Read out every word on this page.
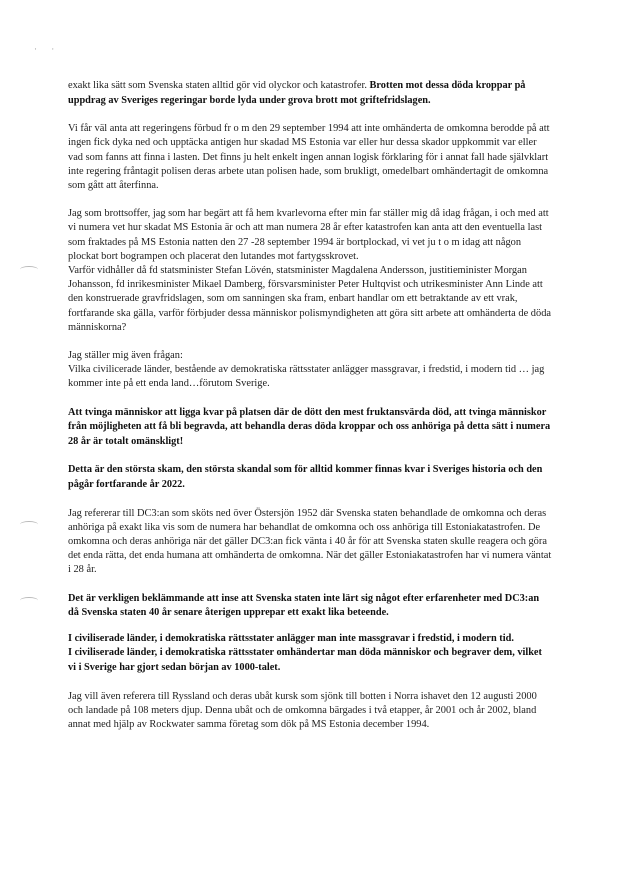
· ·

exakt lika sätt som Svenska staten alltid gör vid olyckor och katastrofer. Brotten mot dessa döda kroppar på uppdrag av Sveriges regeringar borde lyda under grova brott mot griftefridslagen.

Vi får väl anta att regeringens förbud fr o m den 29 september 1994 att inte omhänderta de omkomna berodde på att ingen fick dyka ned och upptäcka antigen hur skadad MS Estonia var eller hur dessa skador uppkommit var eller vad som fanns att finna i lasten. Det finns ju helt enkelt ingen annan logisk förklaring för i annat fall hade självklart inte regering fråntagit polisen deras arbete utan polisen hade, som brukligt, omedelbart omhändertagit de omkomna som gått att återfinna.

Jag som brottsoffer, jag som har begärt att få hem kvarlevorna efter min far ställer mig då idag frågan, i och med att vi numera vet hur skadat MS Estonia är och att man numera 28 år efter katastrofen kan anta att den eventuella last som fraktades på MS Estonia natten den 27 -28 september 1994 är bortplockad, vi vet ju t o m idag att någon plockat bort bogrampen och placerat den lutandes mot fartygsskrovet.

Varför vidhåller då fd statsminister Stefan Lövén, statsminister Magdalena Andersson, justitieminister Morgan Johansson, fd inrikesminister Mikael Damberg, försvarsminister Peter Hultqvist och utrikesminister Ann Linde att den konstruerade gravfridslagen, som om sanningen ska fram, enbart handlar om ett betraktande av ett vrak, fortfarande ska gälla, varför förbjuder dessa människor polismyndigheten att göra sitt arbete att omhänderta de döda människorna?

Jag ställer mig även frågan:

Vilka civilicerade länder, bestående av demokratiska rättsstater anlägger massgravar, i fredstid, i modern tid … jag kommer inte på ett enda land…förutom Sverige.

Att tvinga människor att ligga kvar på platsen där de dött den mest fruktansvärda död, att tvinga människor från möjligheten att få bli begravda, att behandla deras döda kroppar och oss anhöriga på detta sätt i numera 28 år är totalt omänskligt!

Detta är den största skam, den största skandal som för alltid kommer finnas kvar i Sveriges historia och den pågår fortfarande år 2022.

Jag refererar till DC3:an som sköts ned över Östersjön 1952 där Svenska staten behandlade de omkomna och deras anhöriga på exakt lika vis som de numera har behandlat de omkomna och oss anhöriga till Estoniakatastrofen. De omkomna och deras anhöriga när det gäller DC3:an fick vänta i 40 år för att Svenska staten skulle reagera och göra det enda rätta, det enda humana att omhänderta de omkomna. När det gäller Estoniakatastrofen har vi numera väntat i 28 år.

Det är verkligen beklämmande att inse att Svenska staten inte lärt sig något efter erfarenheter med DC3:an då Svenska staten 40 år senare återigen upprepar ett exakt lika beteende.

I civiliserade länder, i demokratiska rättsstater anlägger man inte massgravar i fredstid, i modern tid.

I civiliserade länder, i demokratiska rättsstater omhändertar man döda människor och begraver dem, vilket vi i Sverige har gjort sedan början av 1000-talet.

Jag vill även referera till Ryssland och deras ubåt kursk som sjönk till botten i Norra ishavet den 12 augusti 2000 och landade på 108 meters djup. Denna ubåt och de omkomna bärgades i två etapper, år 2001 och år 2002, bland annat med hjälp av Rockwater samma företag som dök på MS Estonia december 1994.
